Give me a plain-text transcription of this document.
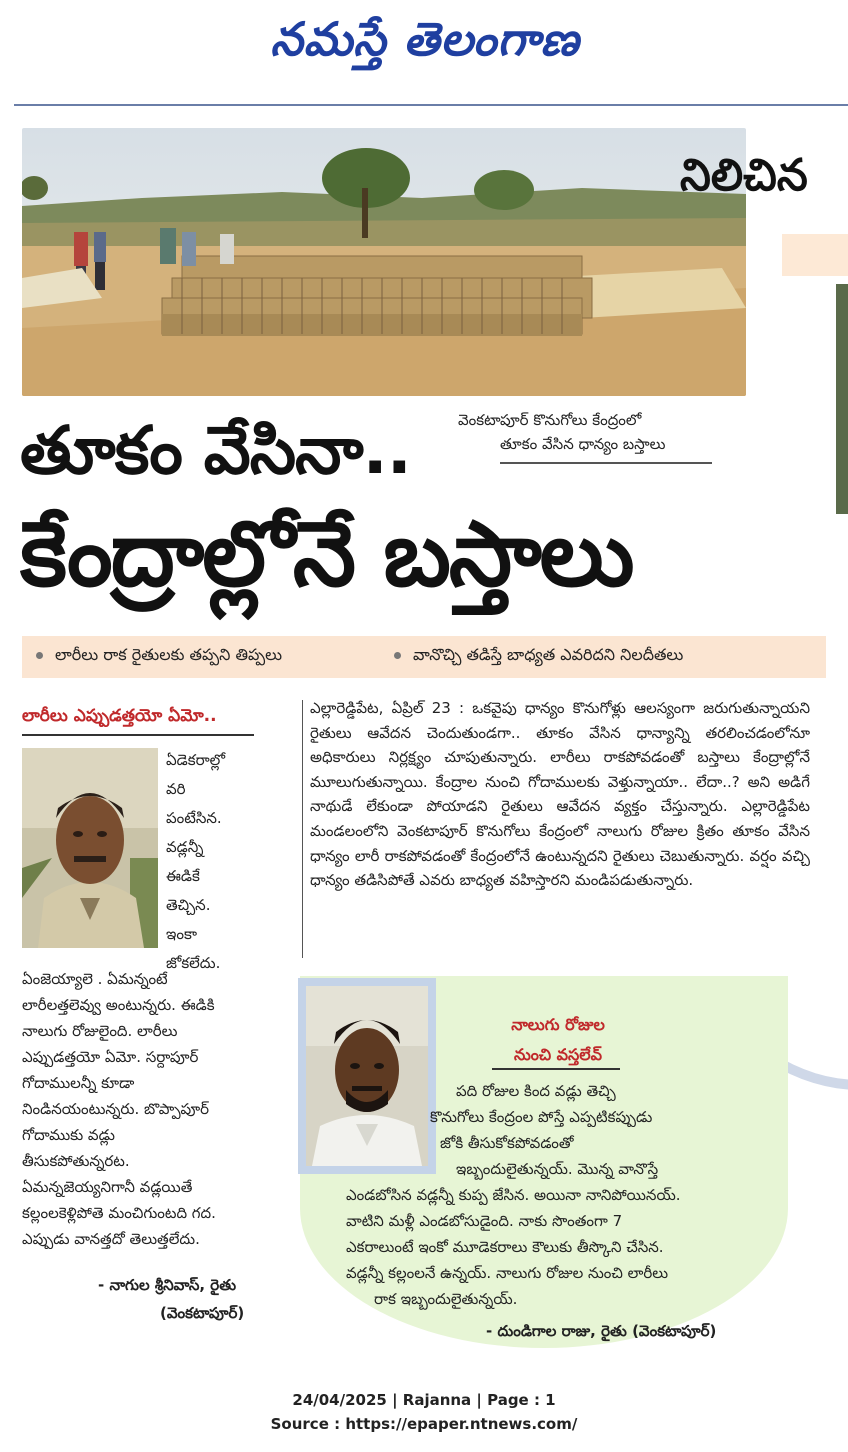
నమస్తే తెలంగాణ
నిలిచిన
వెంకటాపూర్ కొనుగోలు కేంద్రంలో
తూకం వేసిన ధాన్యం బస్తాలు
తూకం వేసినా..
కేంద్రాల్లోనే బస్తాలు
లారీలు రాక రైతులకు తప్పని తిప్పలు	వానొచ్చి తడిస్తే బాధ్యత ఎవరిదని నిలదీతలు
లారీలు ఎప్పుడత్తయో ఏమో..
ఏడెకరాల్లో
వరి
పంటేసిన.
వడ్లన్నీ
ఈడికే
తెచ్చిన.
ఇంకా
జోకలేదు.
ఏంజెయ్యాలె . ఏమన్నంటే
లారీలత్తలెవ్వు అంటున్నరు. ఈడికి
నాలుగు రోజులైంది. లారీలు
ఎప్పుడత్తయో ఏమో. సర్దాపూర్
గోదాములన్నీ కూడా
నిండినయంటున్నరు. బొప్పాపూర్
గోదాముకు వడ్లు
తీసుకపోతున్నరట.
ఏమన్నజెయ్యనిగానీ వడ్లయితే
కల్లంలకెళ్లిపోతె మంచిగుంటది గద.
ఎప్పుడు వానత్తదో తెలుత్తలేదు.
- నాగుల శ్రీనివాస్, రైతు
(వెంకటాపూర్)
ఎల్లారెడ్డిపేట, ఏప్రిల్ 23 : ఒకవైపు ధాన్యం కొనుగోళ్లు ఆలస్యంగా జరుగుతున్నాయని రైతులు ఆవేదన చెందుతుండగా.. తూకం వేసిన ధాన్యాన్ని తరలించడంలోనూ అధికారులు నిర్లక్ష్యం చూపుతున్నారు. లారీలు రాకపోవడంతో బస్తాలు కేంద్రాల్లోనే మూలుగుతున్నాయి. కేంద్రాల నుంచి గోదాములకు వెళ్తున్నాయా.. లేదా..? అని అడిగే నాథుడే లేకుండా పోయాడని రైతులు ఆవేదన వ్యక్తం చేస్తున్నారు. ఎల్లారెడ్డిపేట మండలంలోని వెంకటాపూర్ కొనుగోలు కేంద్రంలో నాలుగు రోజుల క్రితం తూకం వేసిన ధాన్యం లారీ రాకపోవడంతో కేంద్రంలోనే ఉంటున్నదని రైతులు చెబుతున్నారు. వర్షం వచ్చి ధాన్యం తడిసిపోతే ఎవరు బాధ్యత వహిస్తారని మండిపడుతున్నారు.
నాలుగు రోజుల
నుంచి వస్తలేవ్
పది రోజుల కింద వడ్లు తెచ్చి
కొనుగోలు కేంద్రంల పోస్తే ఎప్పటికప్పుడు
జోకి తీసుకోకపోవడంతో
ఇబ్బందులైతున్నయ్. మొన్న వానొస్తే
ఎండబోసిన వడ్లన్నీ కుప్ప జేసిన. అయినా నానిపోయినయ్.
వాటిని మళ్లీ ఎండబోసుడైంది. నాకు సొంతంగా 7
ఎకరాలుంటే ఇంకో మూడెకరాలు కౌలుకు తీస్కొని చేసిన.
వడ్లన్నీ కల్లంలనే ఉన్నయ్. నాలుగు రోజుల నుంచి లారీలు
రాక ఇబ్బందులైతున్నయ్.
- దుండిగాల రాజు, రైతు (వెంకటాపూర్)
24/04/2025 | Rajanna | Page : 1
Source : https://epaper.ntnews.com/
